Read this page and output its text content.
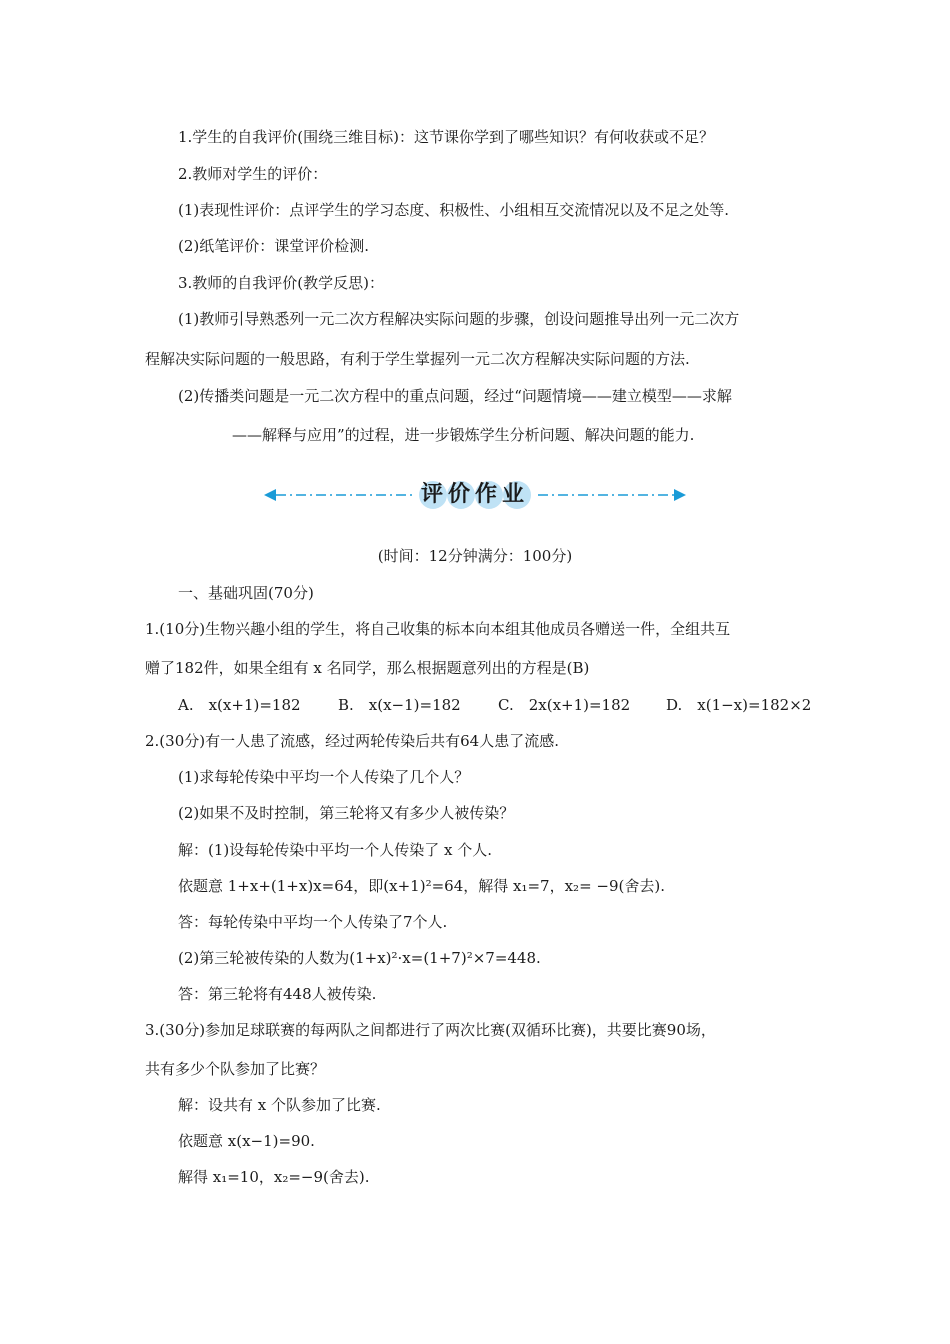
1.学生的自我评价(围绕三维目标)：这节课你学到了哪些知识？有何收获或不足？
2.教师对学生的评价：
(1)表现性评价：点评学生的学习态度、积极性、小组相互交流情况以及不足之处等.
(2)纸笔评价：课堂评价检测.
3.教师的自我评价(教学反思)：
(1)教师引导熟悉列一元二次方程解决实际问题的步骤，创设问题推导出列一元二次方
程解决实际问题的一般思路，有利于学生掌握列一元二次方程解决实际问题的方法.
(2)传播类问题是一元二次方程中的重点问题，经过“问题情境——建立模型——求解
——解释与应用”的过程，进一步锻炼学生分析问题、解决问题的能力.
评价作业
(时间：12分钟满分：100分)
一、基础巩固(70分)
1.(10分)生物兴趣小组的学生，将自己收集的标本向本组其他成员各赠送一件，全组共互
赠了182件，如果全组有 x 名同学，那么根据题意列出的方程是(B)
A.　x(x+1)=182 B.　x(x−1)=182 C.　2x(x+1)=182 D.　x(1−x)=182×2
2.(30分)有一人患了流感，经过两轮传染后共有64人患了流感.
(1)求每轮传染中平均一个人传染了几个人？
(2)如果不及时控制，第三轮将又有多少人被传染？
解：(1)设每轮传染中平均一个人传染了 x 个人.
依题意 1+x+(1+x)x=64，即(x+1)²=64，解得 x₁=7，x₂= −9(舍去).
答：每轮传染中平均一个人传染了7个人.
(2)第三轮被传染的人数为(1+x)²·x=(1+7)²×7=448.
答：第三轮将有448人被传染.
3.(30分)参加足球联赛的每两队之间都进行了两次比赛(双循环比赛)，共要比赛90场，
共有多少个队参加了比赛？
解：设共有 x 个队参加了比赛.
依题意 x(x−1)=90.
解得 x₁=10，x₂=−9(舍去).
